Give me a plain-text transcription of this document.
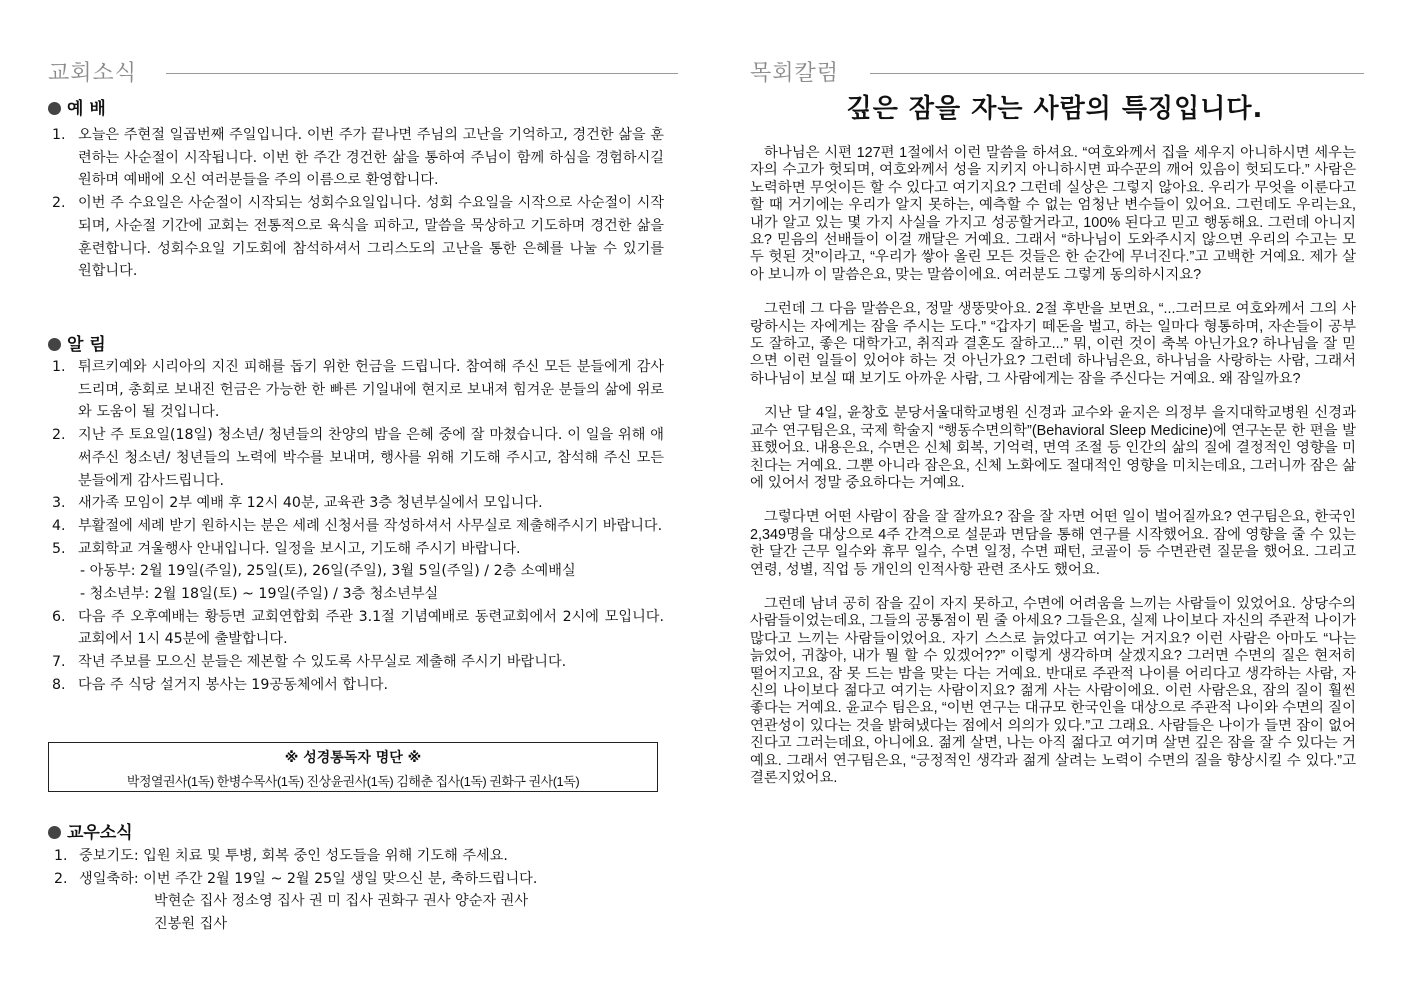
교회소식
예 배
1. 오늘은 주현절 일곱번째 주일입니다. 이번 주가 끝나면 주님의 고난을 기억하고, 경건한 삶을 훈련하는 사순절이 시작됩니다. 이번 한 주간 경건한 삶을 통하여 주님이 함께 하심을 경험하시길 원하며 예배에 오신 여러분들을 주의 이름으로 환영합니다.
2. 이번 주 수요일은 사순절이 시작되는 성회수요일입니다. 성회 수요일을 시작으로 사순절이 시작되며, 사순절 기간에 교회는 전통적으로 육식을 피하고, 말씀을 묵상하고 기도하며 경건한 삶을 훈련합니다. 성회수요일 기도회에 참석하셔서 그리스도의 고난을 통한 은혜를 나눌 수 있기를 원합니다.
알 림
1. 튀르키예와 시리아의 지진 피해를 돕기 위한 헌금을 드립니다. 참여해 주신 모든 분들에게 감사드리며, 총회로 보내진 헌금은 가능한 한 빠른 기일내에 현지로 보내져 힘겨운 분들의 삶에 위로와 도움이 될 것입니다.
2. 지난 주 토요일(18일) 청소년/ 청년들의 찬양의 밤을 은혜 중에 잘 마쳤습니다. 이 일을 위해 애써주신 청소년/ 청년들의 노력에 박수를 보내며, 행사를 위해 기도해 주시고, 참석해 주신 모든 분들에게 감사드립니다.
3. 새가족 모임이 2부 예배 후 12시 40분, 교육관 3층 청년부실에서 모입니다.
4. 부활절에 세례 받기 원하시는 분은 세례 신청서를 작성하셔서 사무실로 제출해주시기 바랍니다.
5. 교회학교 겨울행사 안내입니다. 일정을 보시고, 기도해 주시기 바랍니다.
- 아동부: 2월 19일(주일), 25일(토), 26일(주일), 3월 5일(주일) / 2층 소예배실
- 청소년부: 2월 18일(토) ~ 19일(주일) / 3층 청소년부실
6. 다음 주 오후예배는 황등면 교회연합회 주관 3.1절 기념예배로 동련교회에서 2시에 모입니다. 교회에서 1시 45분에 출발합니다.
7. 작년 주보를 모으신 분들은 제본할 수 있도록 사무실로 제출해 주시기 바랍니다.
8. 다음 주 식당 설거지 봉사는 19공동체에서 합니다.
※ 성경통독자 명단 ※
박정열권사(1독) 한병수목사(1독) 진상윤권사(1독) 김해춘 집사(1독) 권화구 권사(1독)
교우소식
1. 중보기도: 입원 치료 및 투병, 회복 중인 성도들을 위해 기도해 주세요.
2. 생일축하: 이번 주간 2월 19일 ~ 2월 25일 생일 맞으신 분, 축하드립니다.
박현순 집사 정소영 집사 권 미 집사 권화구 권사 양순자 권사
진봉원 집사
목회칼럼
깊은 잠을 자는 사람의 특징입니다.

하나님은 시편 127편 1절에서 이런 말씀을 하셔요. “여호와께서 집을 세우지 아니하시면 세우는 자의 수고가 헛되며, 여호와께서 성을 지키지 아니하시면 파수꾼의 깨어 있음이 헛되도다.” 사람은 노력하면 무엇이든 할 수 있다고 여기지요? 그런데 실상은 그렇지 않아요. 우리가 무엇을 이룬다고 할 때 거기에는 우리가 알지 못하는, 예측할 수 없는 엄청난 변수들이 있어요. 그런데도 우리는요, 내가 알고 있는 몇 가지 사실을 가지고 성공할거라고, 100% 된다고 믿고 행동해요. 그런데 아니지요? 믿음의 선배들이 이걸 깨달은 거예요. 그래서 “하나님이 도와주시지 않으면 우리의 수고는 모두 헛된 것”이라고, “우리가 쌓아 올린 모든 것들은 한 순간에 무너진다.”고 고백한 거예요. 제가 살아 보니까 이 말씀은요, 맞는 말씀이에요. 여러분도 그렇게 동의하시지요?

그런데 그 다음 말씀은요, 정말 생뚱맞아요. 2절 후반을 보면요, “...그러므로 여호와께서 그의 사랑하시는 자에게는 잠을 주시는 도다.” “갑자기 떼돈을 벌고, 하는 일마다 형통하며, 자손들이 공부도 잘하고, 좋은 대학가고, 취직과 결혼도 잘하고...” 뭐, 이런 것이 축복 아닌가요? 하나님을 잘 믿으면 이런 일들이 있어야 하는 것 아닌가요? 그런데 하나님은요, 하나님을 사랑하는 사람, 그래서 하나님이 보실 때 보기도 아까운 사람, 그 사람에게는 잠을 주신다는 거예요. 왜 잠일까요?

지난 달 4일, 윤창호 분당서울대학교병원 신경과 교수와 윤지은 의정부 을지대학교병원 신경과 교수 연구팀은요, 국제 학술지 “행동수면의학”(Behavioral Sleep Medicine)에 연구논문 한 편을 발표했어요. 내용은요, 수면은 신체 회복, 기억력, 면역 조절 등 인간의 삶의 질에 결정적인 영향을 미친다는 거예요. 그뿐 아니라 잠은요, 신체 노화에도 절대적인 영향을 미치는데요, 그러니까 잠은 삶에 있어서 정말 중요하다는 거예요.

그렇다면 어떤 사람이 잠을 잘 잘까요? 잠을 잘 자면 어떤 일이 벌어질까요? 연구팀은요, 한국인 2,349명을 대상으로 4주 간격으로 설문과 면담을 통해 연구를 시작했어요. 잠에 영향을 줄 수 있는 한 달간 근무 일수와 휴무 일수, 수면 일정, 수면 패턴, 코골이 등 수면관련 질문을 했어요. 그리고 연령, 성별, 직업 등 개인의 인적사항 관련 조사도 했어요.

그런데 남녀 공히 잠을 깊이 자지 못하고, 수면에 어려움을 느끼는 사람들이 있었어요. 상당수의 사람들이었는데요, 그들의 공통점이 뭔 줄 아세요? 그들은요, 실제 나이보다 자신의 주관적 나이가 많다고 느끼는 사람들이었어요. 자기 스스로 늙었다고 여기는 거지요? 이런 사람은 아마도 “나는 늙었어, 귀찮아, 내가 뭘 할 수 있겠어??” 이렇게 생각하며 살겠지요? 그러면 수면의 질은 현저히 떨어지고요, 잠 못 드는 밤을 맞는 다는 거예요. 반대로 주관적 나이를 어리다고 생각하는 사람, 자신의 나이보다 젊다고 여기는 사람이지요? 젊게 사는 사람이에요. 이런 사람은요, 잠의 질이 훨씬 좋다는 거예요. 윤교수 팀은요, “이번 연구는 대규모 한국인을 대상으로 주관적 나이와 수면의 질이 연관성이 있다는 것을 밝혀냈다는 점에서 의의가 있다.”고 그래요. 사람들은 나이가 들면 잠이 없어진다고 그러는데요, 아니에요. 젊게 살면, 나는 아직 젊다고 여기며 살면 깊은 잠을 잘 수 있다는 거예요. 그래서 연구팀은요, “긍정적인 생각과 젊게 살려는 노력이 수면의 질을 향상시킬 수 있다.”고 결론지었어요.
